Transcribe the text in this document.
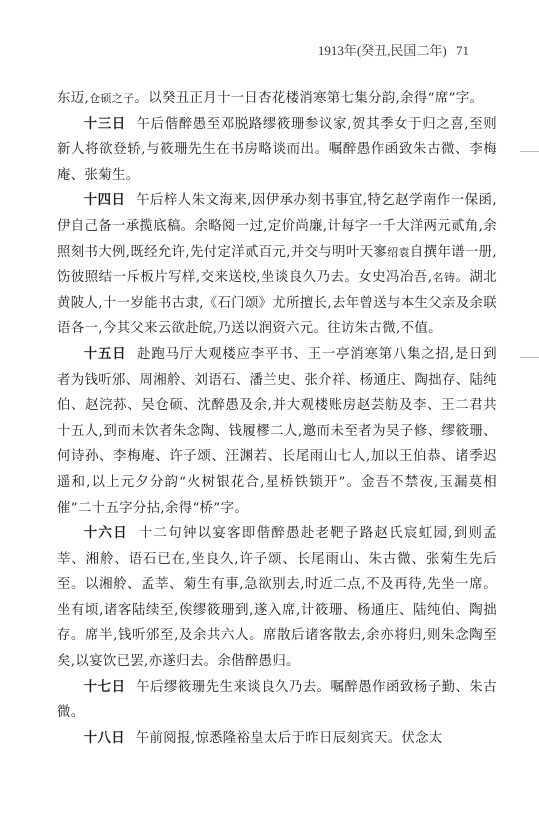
1913年(癸丑,民国二年) 71

东迈,仓硕之子。以癸丑正月十一日杏花楼消寒第七集分韵,余得“席”字。

十三日 午后偕醉愚至邓脱路缪筱珊参议家,贺其季女于归之喜,至则新人将欲登轿,与筱珊先生在书房略谈而出。嘱醉愚作函致朱古微、李梅庵、张菊生。

十四日 午后梓人朱文海来,因伊承办刻书事宜,特乞赵学南作一保函,伊自己备一承揽底稿。余略阅一过,定价尚廉,计每字一千大洋两元贰角,余照刻书大例,既经允许,先付定洋贰百元,并交与明叶天寥绍袁自撰年谱一册,饬彼照结一斥板片写样,交来送校,坐谈良久乃去。女史冯冶吾,名铸。湖北黄陂人,十一岁能书古隶,《石门颂》尤所擅长,去年曾送与本生父亲及余联语各一,今其父来云欲赴皖,乃送以润资六元。往访朱古微,不值。

十五日 赴跑马厅大观楼应李平书、王一亭消寒第八集之招,是日到者为钱听邠、周湘舲、刘语石、潘兰史、张介祥、杨通庄、陶拙存、陆纯伯、赵浣荪、吴仓硕、沈醉愚及余,并大观楼账房赵芸舫及李、王二君共十五人,到而未饮者朱念陶、钱履樛二人,邀而未至者为吴子修、缪筱珊、何诗孙、李梅庵、许子颂、汪渊若、长尾雨山七人,加以王伯恭、诸季迟遥和,以上元夕分韵“火树银花合,星桥铁锁开”。金吾不禁夜,玉漏莫相催”二十五字分拈,余得“桥”字。

十六日 十二句钟以宴客即偕醉愚赴老靶子路赵氏宸虹园,到则孟莘、湘舲、语石已在,坐良久,许子颂、长尾雨山、朱古微、张菊生先后至。以湘舲、孟莘、菊生有事,急欲别去,时近二点,不及再待,先坐一席。坐有顷,诸客陆续至,俟缪筱珊到,遂入席,计筱珊、杨通庄、陆纯伯、陶拙存。席半,钱听邠至,及余共六人。席散后诸客散去,余亦将归,则朱念陶至矣,以宴饮已罢,亦遂归去。余偕醉愚归。

十七日 午后缪筱珊先生来谈良久乃去。嘱醉愚作函致杨子勤、朱古微。

十八日 午前阅报,惊悉隆裕皇太后于昨日辰刻宾天。伏念太
